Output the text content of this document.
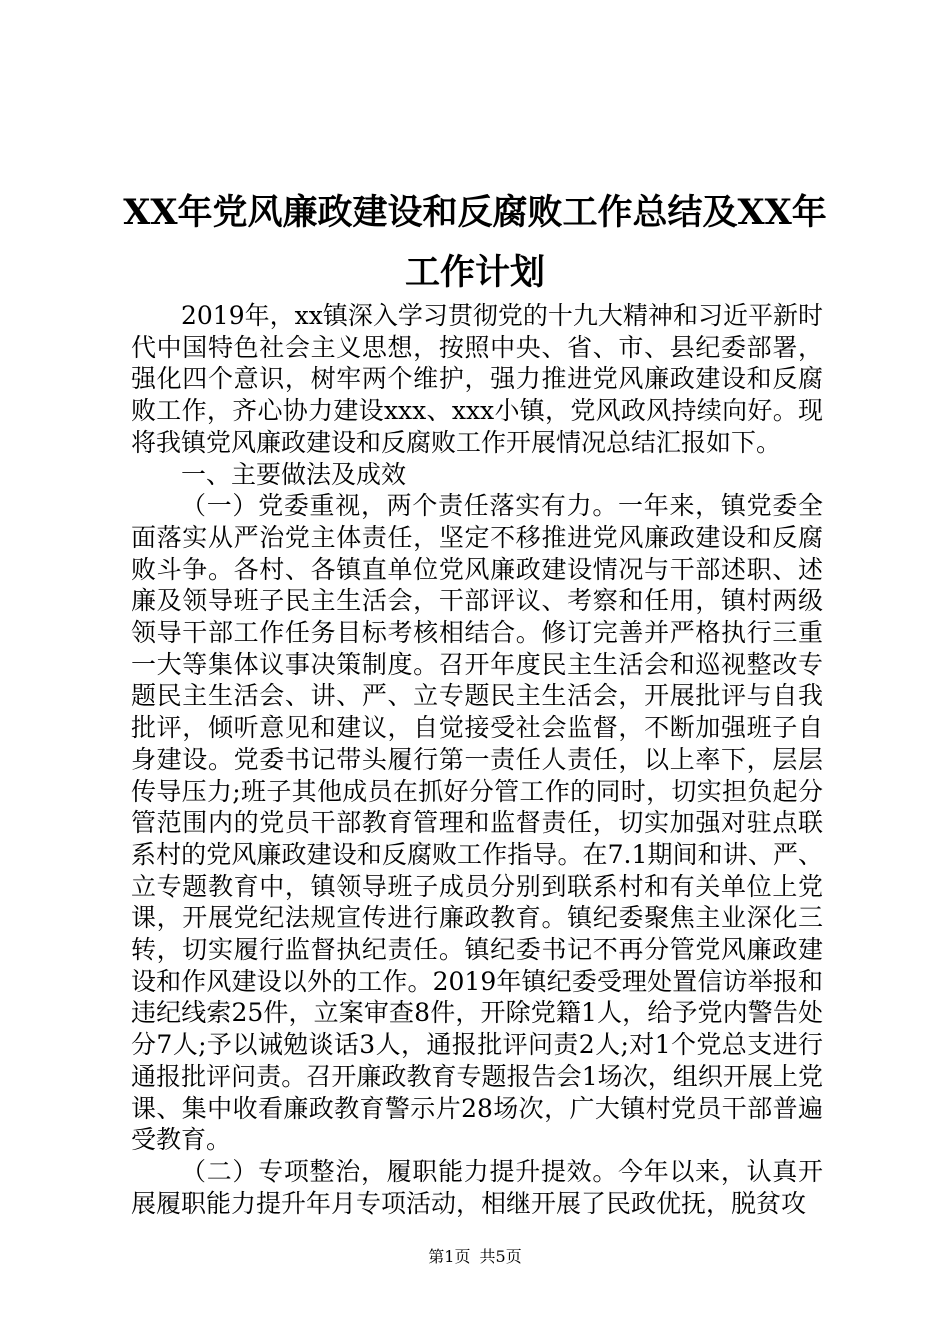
XX年党风廉政建设和反腐败工作总结及XX年
工作计划

2019年，xx镇深入学习贯彻党的十九大精神和习近平新时代中国特色社会主义思想，按照中央、省、市、县纪委部署，强化四个意识，树牢两个维护，强力推进党风廉政建设和反腐败工作，齐心协力建设xxx、xxx小镇，党风政风持续向好。现将我镇党风廉政建设和反腐败工作开展情况总结汇报如下。

一、主要做法及成效

（一）党委重视，两个责任落实有力。一年来，镇党委全面落实从严治党主体责任，坚定不移推进党风廉政建设和反腐败斗争。各村、各镇直单位党风廉政建设情况与干部述职、述廉及领导班子民主生活会，干部评议、考察和任用，镇村两级领导干部工作任务目标考核相结合。修订完善并严格执行三重一大等集体议事决策制度。召开年度民主生活会和巡视整改专题民主生活会、讲、严、立专题民主生活会，开展批评与自我批评，倾听意见和建议，自觉接受社会监督，不断加强班子自身建设。党委书记带头履行第一责任人责任，以上率下，层层传导压力;班子其他成员在抓好分管工作的同时，切实担负起分管范围内的党员干部教育管理和监督责任，切实加强对驻点联系村的党风廉政建设和反腐败工作指导。在7.1期间和讲、严、立专题教育中，镇领导班子成员分别到联系村和有关单位上党课，开展党纪法规宣传进行廉政教育。镇纪委聚焦主业深化三转，切实履行监督执纪责任。镇纪委书记不再分管党风廉政建设和作风建设以外的工作。2019年镇纪委受理处置信访举报和违纪线索25件，立案审查8件，开除党籍1人，给予党内警告处分7人;予以诫勉谈话3人，通报批评问责2人;对1个党总支进行通报批评问责。召开廉政教育专题报告会1场次，组织开展上党课、集中收看廉政教育警示片28场次，广大镇村党员干部普遍受教育。

（二）专项整治，履职能力提升提效。今年以来，认真开展履职能力提升年月专项活动，相继开展了民政优抚，脱贫攻

第1页 共5页
